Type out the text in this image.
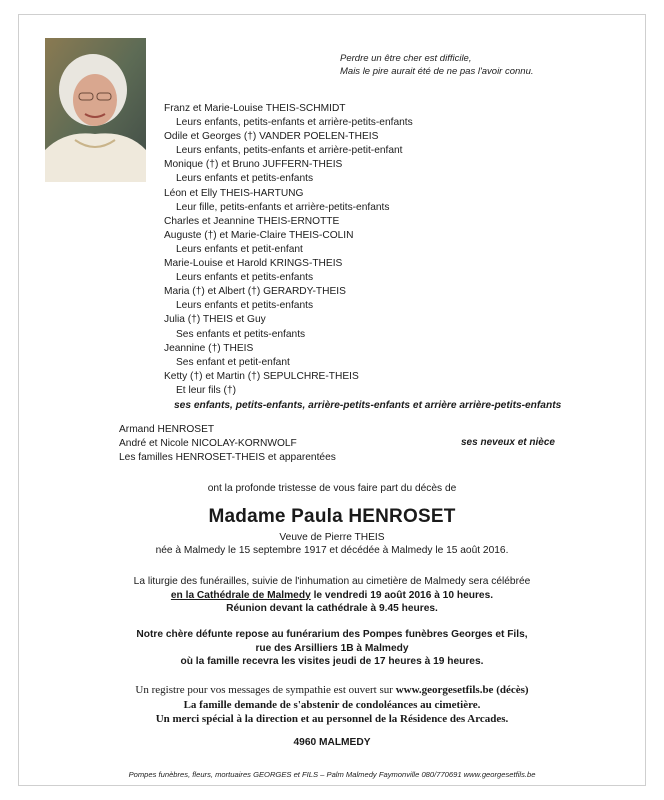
Perdre un être cher est difficile,
Mais le pire aurait été de ne pas l'avoir connu.
Franz et Marie-Louise THEIS-SCHMIDT
Leurs enfants, petits-enfants et arrière-petits-enfants
Odile et Georges (†) VANDER POELEN-THEIS
Leurs enfants, petits-enfants et arrière-petit-enfant
Monique (†) et Bruno JUFFERN-THEIS
Leurs enfants et petits-enfants
Léon et Elly THEIS-HARTUNG
Leur fille, petits-enfants et arrière-petits-enfants
Charles et Jeannine THEIS-ERNOTTE
Auguste (†) et Marie-Claire THEIS-COLIN
Leurs enfants et petit-enfant
Marie-Louise et Harold KRINGS-THEIS
Leurs enfants et petits-enfants
Maria (†) et Albert (†) GERARDY-THEIS
Leurs enfants et petits-enfants
Julia (†) THEIS et Guy
Ses enfants et petits-enfants
Jeannine (†) THEIS
Ses enfant et petit-enfant
Ketty (†) et Martin (†) SEPULCHRE-THEIS
Et leur fils (†)
ses enfants, petits-enfants, arrière-petits-enfants et arrière arrière-petits-enfants
Armand HENROSET
André et Nicole NICOLAY-KORNWOLF
Les familles HENROSET-THEIS et apparentées
ses neveux et nièce
ont la profonde tristesse de vous faire part du décès de
Madame Paula HENROSET
Veuve de Pierre THEIS
née à Malmedy le 15 septembre 1917 et décédée à Malmedy le 15 août 2016.
La liturgie des funérailles, suivie de l'inhumation au cimetière de Malmedy sera célébrée
en la Cathédrale de Malmedy le vendredi 19 août 2016 à 10 heures.
Réunion devant la cathédrale à 9.45 heures.
Notre chère défunte repose au funérarium des Pompes funèbres Georges et Fils,
rue des Arsilliers 1B à Malmedy
où la famille recevra les visites jeudi de 17 heures à 19 heures.
Un registre pour vos messages de sympathie est ouvert sur www.georgesetfils.be (décès)
La famille demande de s'abstenir de condoléances au cimetière.
Un merci spécial à la direction et au personnel de la Résidence des Arcades.
4960 MALMEDY
Pompes funèbres, fleurs, mortuaires GEORGES et FILS – Palm Malmedy Faymonville 080/770691 www.georgesetfils.be
